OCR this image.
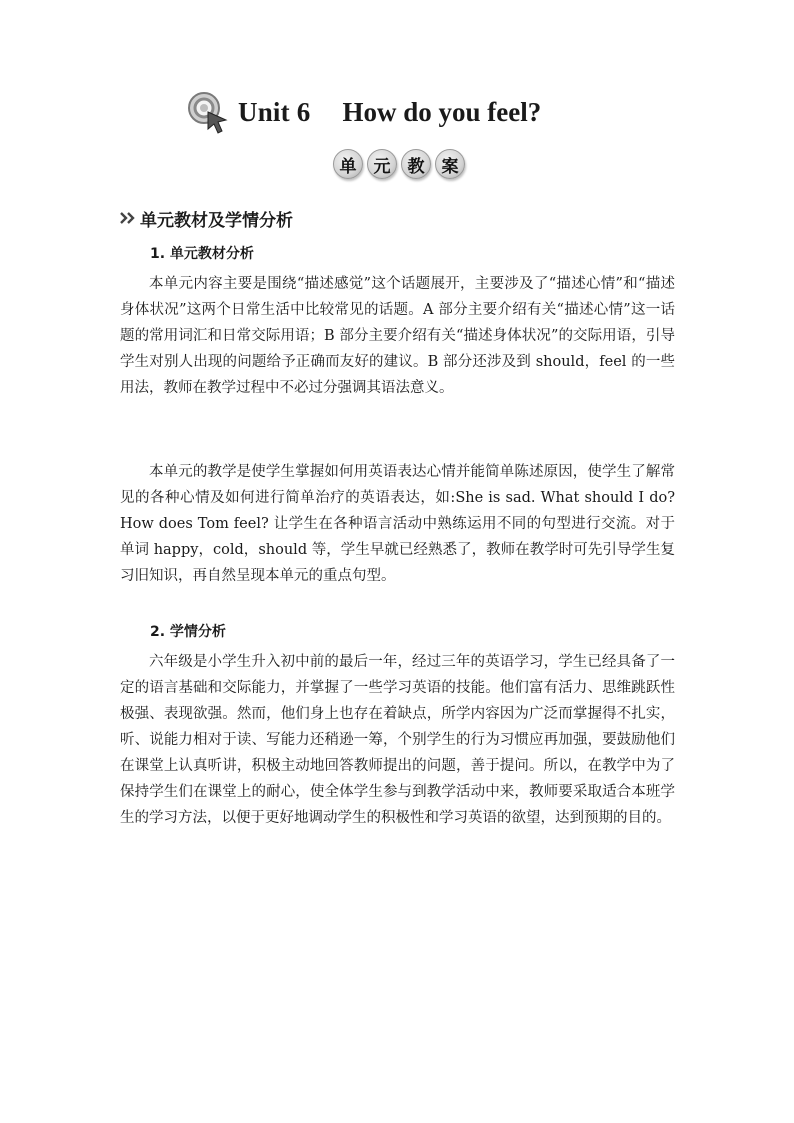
Unit 6 How do you feel?
单	元	教	案
单元教材及学情分析
1. 单元教材分析

本单元内容主要是围绕“描述感觉”这个话题展开，主要涉及了“描述心情”和“描述身体状况”这两个日常生活中比较常见的话题。A 部分主要介绍有关“描述心情”这一话题的常用词汇和日常交际用语；B 部分主要介绍有关“描述身体状况”的交际用语，引导学生对别人出现的问题给予正确而友好的建议。B 部分还涉及到 should，feel 的一些用法，教师在教学过程中不必过分强调其语法意义。

本单元的教学是使学生掌握如何用英语表达心情并能简单陈述原因，使学生了解常见的各种心情及如何进行简单治疗的英语表达，如:She is sad. What should I do? How does Tom feel? 让学生在各种语言活动中熟练运用不同的句型进行交流。对于单词 happy，cold，should 等，学生早就已经熟悉了，教师在教学时可先引导学生复习旧知识，再自然呈现本单元的重点句型。

2. 学情分析

六年级是小学生升入初中前的最后一年，经过三年的英语学习，学生已经具备了一定的语言基础和交际能力，并掌握了一些学习英语的技能。他们富有活力、思维跳跃性极强、表现欲强。然而，他们身上也存在着缺点，所学内容因为广泛而掌握得不扎实，听、说能力相对于读、写能力还稍逊一筹，个别学生的行为习惯应再加强，要鼓励他们在课堂上认真听讲，积极主动地回答教师提出的问题，善于提问。所以，在教学中为了保持学生们在课堂上的耐心，使全体学生参与到教学活动中来，教师要采取适合本班学生的学习方法，以便于更好地调动学生的积极性和学习英语的欲望，达到预期的目的。
